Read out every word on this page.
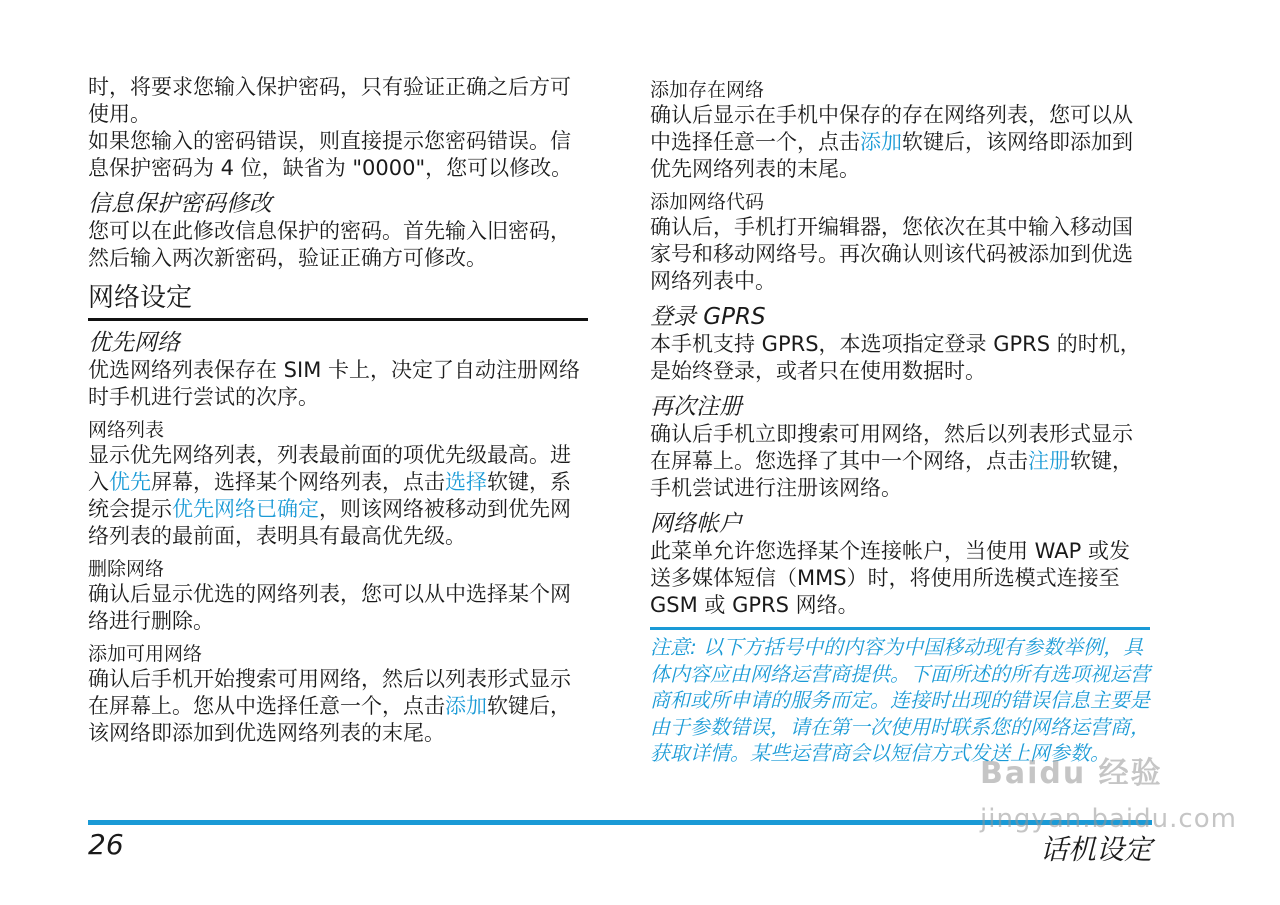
时，将要求您输入保护密码，只有验证正确之后方可使用。

如果您输入的密码错误，则直接提示您密码错误。信息保护密码为 4 位，缺省为 "0000"，您可以修改。

信息保护密码修改

您可以在此修改信息保护的密码。首先输入旧密码，然后输入两次新密码，验证正确方可修改。

网络设定
优先网络

优选网络列表保存在 SIM 卡上，决定了自动注册网络时手机进行尝试的次序。

网络列表

显示优先网络列表，列表最前面的项优先级最高。进入优先屏幕，选择某个网络列表，点击选择软键，系统会提示优先网络已确定，则该网络被移动到优先网络列表的最前面，表明具有最高优先级。

删除网络

确认后显示优选的网络列表，您可以从中选择某个网络进行删除。

添加可用网络

确认后手机开始搜索可用网络，然后以列表形式显示在屏幕上。您从中选择任意一个，点击添加软键后，该网络即添加到优选网络列表的末尾。

添加存在网络

确认后显示在手机中保存的存在网络列表，您可以从中选择任意一个，点击添加软键后，该网络即添加到优先网络列表的末尾。

添加网络代码

确认后，手机打开编辑器，您依次在其中输入移动国家号和移动网络号。再次确认则该代码被添加到优选网络列表中。

登录 GPRS

本手机支持 GPRS，本选项指定登录 GPRS 的时机，是始终登录，或者只在使用数据时。

再次注册

确认后手机立即搜索可用网络，然后以列表形式显示在屏幕上。您选择了其中一个网络，点击注册软键，手机尝试进行注册该网络。

网络帐户

此菜单允许您选择某个连接帐户，当使用 WAP 或发送多媒体短信（MMS）时，将使用所选模式连接至 GSM 或 GPRS 网络。

注意: 以下方括号中的内容为中国移动现有参数举例，具体内容应由网络运营商提供。下面所述的所有选项视运营商和或所申请的服务而定。连接时出现的错误信息主要是由于参数错误，请在第一次使用时联系您的网络运营商，获取详情。某些运营商会以短信方式发送上网参数。

26	话机设定
Baidu 经验
jingyan.baidu.com
